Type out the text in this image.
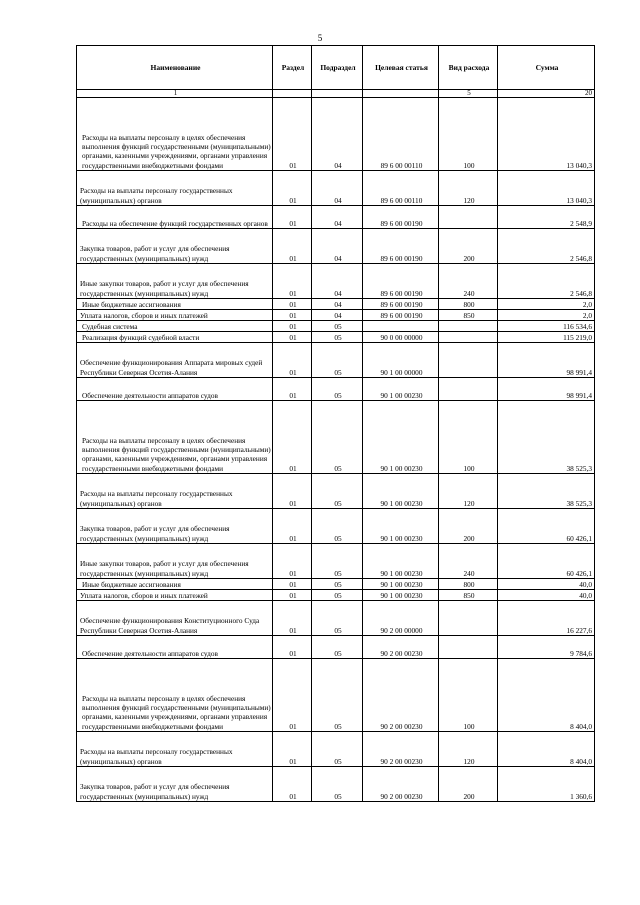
5
Наименование	Раздел	Подраздел	Целевая статья	Вид расхода	Сумма
1				5	20
Расходы на выплаты персоналу в целях обеспечения выполнения функций государственными (муниципальными) органами, казенными учреждениями, органами управления государственными внебюджетными фондами	01	04	89 6 00 00110	100	13 040,3
Расходы на выплаты персоналу государственных (муниципальных) органов	01	04	89 6 00 00110	120	13 040,3
Расходы на обеспечение функций государственных органов	01	04	89 6 00 00190		2 548,9
Закупка товаров, работ и услуг для обеспечения государственных (муниципальных) нужд	01	04	89 6 00 00190	200	2 546,8
Иные закупки товаров, работ и услуг для обеспечения государственных (муниципальных) нужд	01	04	89 6 00 00190	240	2 546,8
Иные бюджетные ассигнования	01	04	89 6 00 00190	800	2,0
Уплата налогов, сборов и иных платежей	01	04	89 6 00 00190	850	2,0
Судебная система	01	05			116 534,6
Реализация функций судебной власти	01	05	90 0 00 00000		115 219,0
Обеспечение функционирования Аппарата мировых судей Республики Северная Осетия-Алания	01	05	90 1 00 00000		98 991,4
Обеспечение деятельности аппаратов судов	01	05	90 1 00 00230		98 991,4
Расходы на выплаты персоналу в целях обеспечения выполнения функций государственными (муниципальными) органами, казенными учреждениями, органами управления государственными внебюджетными фондами	01	05	90 1 00 00230	100	38 525,3
Расходы на выплаты персоналу государственных (муниципальных) органов	01	05	90 1 00 00230	120	38 525,3
Закупка товаров, работ и услуг для обеспечения государственных (муниципальных) нужд	01	05	90 1 00 00230	200	60 426,1
Иные закупки товаров, работ и услуг для обеспечения государственных (муниципальных) нужд	01	05	90 1 00 00230	240	60 426,1
Иные бюджетные ассигнования	01	05	90 1 00 00230	800	40,0
Уплата налогов, сборов и иных платежей	01	05	90 1 00 00230	850	40,0
Обеспечение функционирования Конституционного Суда Республики Северная Осетия-Алания	01	05	90 2 00 00000		16 227,6
Обеспечение деятельности аппаратов судов	01	05	90 2 00 00230		9 784,6
Расходы на выплаты персоналу в целях обеспечения выполнения функций государственными (муниципальными) органами, казенными учреждениями, органами управления государственными внебюджетными фондами	01	05	90 2 00 00230	100	8 404,0
Расходы на выплаты персоналу государственных (муниципальных) органов	01	05	90 2 00 00230	120	8 404,0
Закупка товаров, работ и услуг для обеспечения государственных (муниципальных) нужд	01	05	90 2 00 00230	200	1 360,6
